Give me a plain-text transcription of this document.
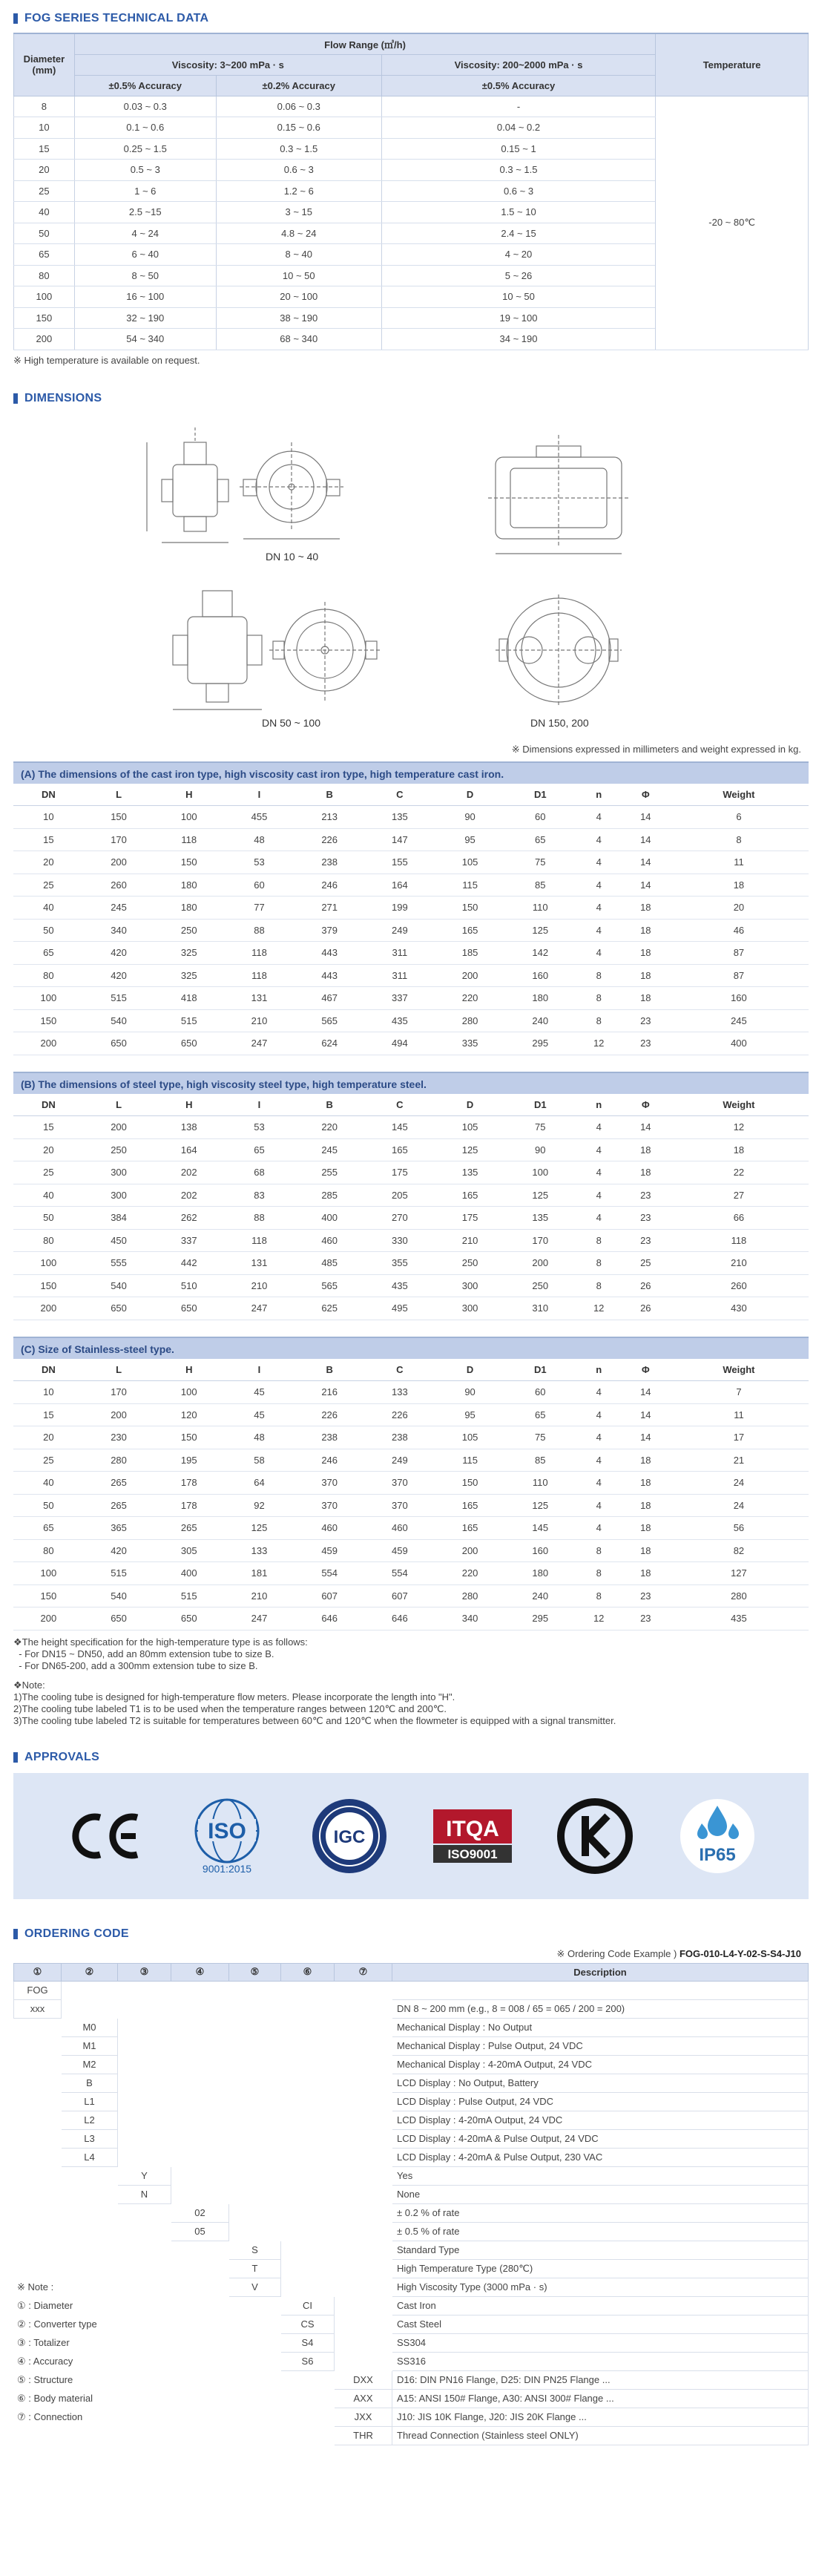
FOG SERIES TECHNICAL DATA
Diameter (mm)	Flow Range (㎥/h)			Temperature
	Viscosity: 3~200 mPa · s		Viscosity: 200~2000 mPa · s	
	±0.5% Accuracy	±0.2% Accuracy	±0.5% Accuracy	
8	0.03 ~ 0.3	0.06 ~ 0.3	-	-20 ~ 80℃
10	0.1 ~ 0.6	0.15 ~ 0.6	0.04 ~ 0.2	
15	0.25 ~ 1.5	0.3 ~ 1.5	0.15 ~ 1	
20	0.5 ~ 3	0.6 ~ 3	0.3 ~ 1.5	
25	1 ~ 6	1.2 ~ 6	0.6 ~ 3	
40	2.5 ~15	3 ~ 15	1.5 ~ 10	
50	4 ~ 24	4.8 ~ 24	2.4 ~ 15	
65	6 ~ 40	8 ~ 40	4 ~ 20	
80	8 ~ 50	10 ~ 50	5 ~ 26	
100	16 ~ 100	20 ~ 100	10 ~ 50	
150	32 ~ 190	38 ~ 190	19 ~ 100	
200	54 ~ 340	68 ~ 340	34 ~ 190	
※ High temperature is available on request.
DIMENSIONS
DN 10 ~ 40
DN 50 ~ 100	DN 150, 200
※ Dimensions expressed in millimeters and weight expressed in kg.
(A) The dimensions of the cast iron type, high viscosity cast iron type, high temperature cast iron.
DN	L	H	I	B	C	D	D1	n	Φ	Weight
10	150	100	455	213	135	90	60	4	14	6
15	170	118	48	226	147	95	65	4	14	8
20	200	150	53	238	155	105	75	4	14	11
25	260	180	60	246	164	115	85	4	14	18
40	245	180	77	271	199	150	110	4	18	20
50	340	250	88	379	249	165	125	4	18	46
65	420	325	118	443	311	185	142	4	18	87
80	420	325	118	443	311	200	160	8	18	87
100	515	418	131	467	337	220	180	8	18	160
150	540	515	210	565	435	280	240	8	23	245
200	650	650	247	624	494	335	295	12	23	400
(B) The dimensions of steel type, high viscosity steel type, high temperature steel.
DN	L	H	I	B	C	D	D1	n	Φ	Weight
15	200	138	53	220	145	105	75	4	14	12
20	250	164	65	245	165	125	90	4	18	18
25	300	202	68	255	175	135	100	4	18	22
40	300	202	83	285	205	165	125	4	23	27
50	384	262	88	400	270	175	135	4	23	66
80	450	337	118	460	330	210	170	8	23	118
100	555	442	131	485	355	250	200	8	25	210
150	540	510	210	565	435	300	250	8	26	260
200	650	650	247	625	495	300	310	12	26	430
(C) Size of Stainless-steel type.
DN	L	H	I	B	C	D	D1	n	Φ	Weight
10	170	100	45	216	133	90	60	4	14	7
15	200	120	45	226	226	95	65	4	14	11
20	230	150	48	238	238	105	75	4	14	17
25	280	195	58	246	249	115	85	4	18	21
40	265	178	64	370	370	150	110	4	18	24
50	265	178	92	370	370	165	125	4	18	24
65	365	265	125	460	460	165	145	4	18	56
80	420	305	133	459	459	200	160	8	18	82
100	515	400	181	554	554	220	180	8	18	127
150	540	515	210	607	607	280	240	8	23	280
200	650	650	247	646	646	340	295	12	23	435
❖The height specification for the high-temperature type is as follows:
- For DN15 ~ DN50, add an 80mm extension tube to size B.
- For DN65-200, add a 300mm extension tube to size B.
❖Note:
1)The cooling tube is designed for high-temperature flow meters. Please incorporate the length into "H".
2)The cooling tube labeled T1 is to be used when the temperature ranges between 120℃ and 200℃.
3)The cooling tube labeled T2 is suitable for temperatures between 60℃ and 120℃ when the flowmeter is equipped with a signal transmitter.
APPROVALS
ISO
9001:2015
IGC	ITQA
ISO9001	IP65
ORDERING CODE
※ Ordering Code Example ) FOG-010-L4-Y-02-S-S4-J10
①	②	③	④	⑤	⑥	⑦	Description
FOG							
xxx							DN 8 ~ 200 mm (e.g., 8 = 008 / 65 = 065 / 200 = 200)
	M0						Mechanical Display : No Output
	M1						Mechanical Display : Pulse Output, 24 VDC
	M2						Mechanical Display : 4-20mA Output, 24 VDC
	B						LCD Display : No Output, Battery
	L1						LCD Display : Pulse Output, 24 VDC
	L2						LCD Display : 4-20mA Output, 24 VDC
	L3						LCD Display : 4-20mA & Pulse Output, 24 VDC
	L4						LCD Display : 4-20mA & Pulse Output, 230 VAC
		Y					Yes
		N					None
			02				± 0.2 % of rate
			05				± 0.5 % of rate
				S			Standard Type
				T			High Temperature Type (280℃)
※ Note :				V			High Viscosity Type (3000 mPa · s)
① : Diameter					CI		Cast Iron
② : Converter type					CS		Cast Steel
③ : Totalizer					S4		SS304
④ : Accuracy					S6		SS316
⑤ : Structure						DXX	D16: DIN PN16 Flange, D25: DIN PN25 Flange ...
⑥ : Body material						AXX	A15: ANSI 150# Flange, A30: ANSI 300# Flange ...
⑦ : Connection						JXX	J10: JIS 10K Flange, J20: JIS 20K Flange ...
						THR	Thread Connection (Stainless steel ONLY)
